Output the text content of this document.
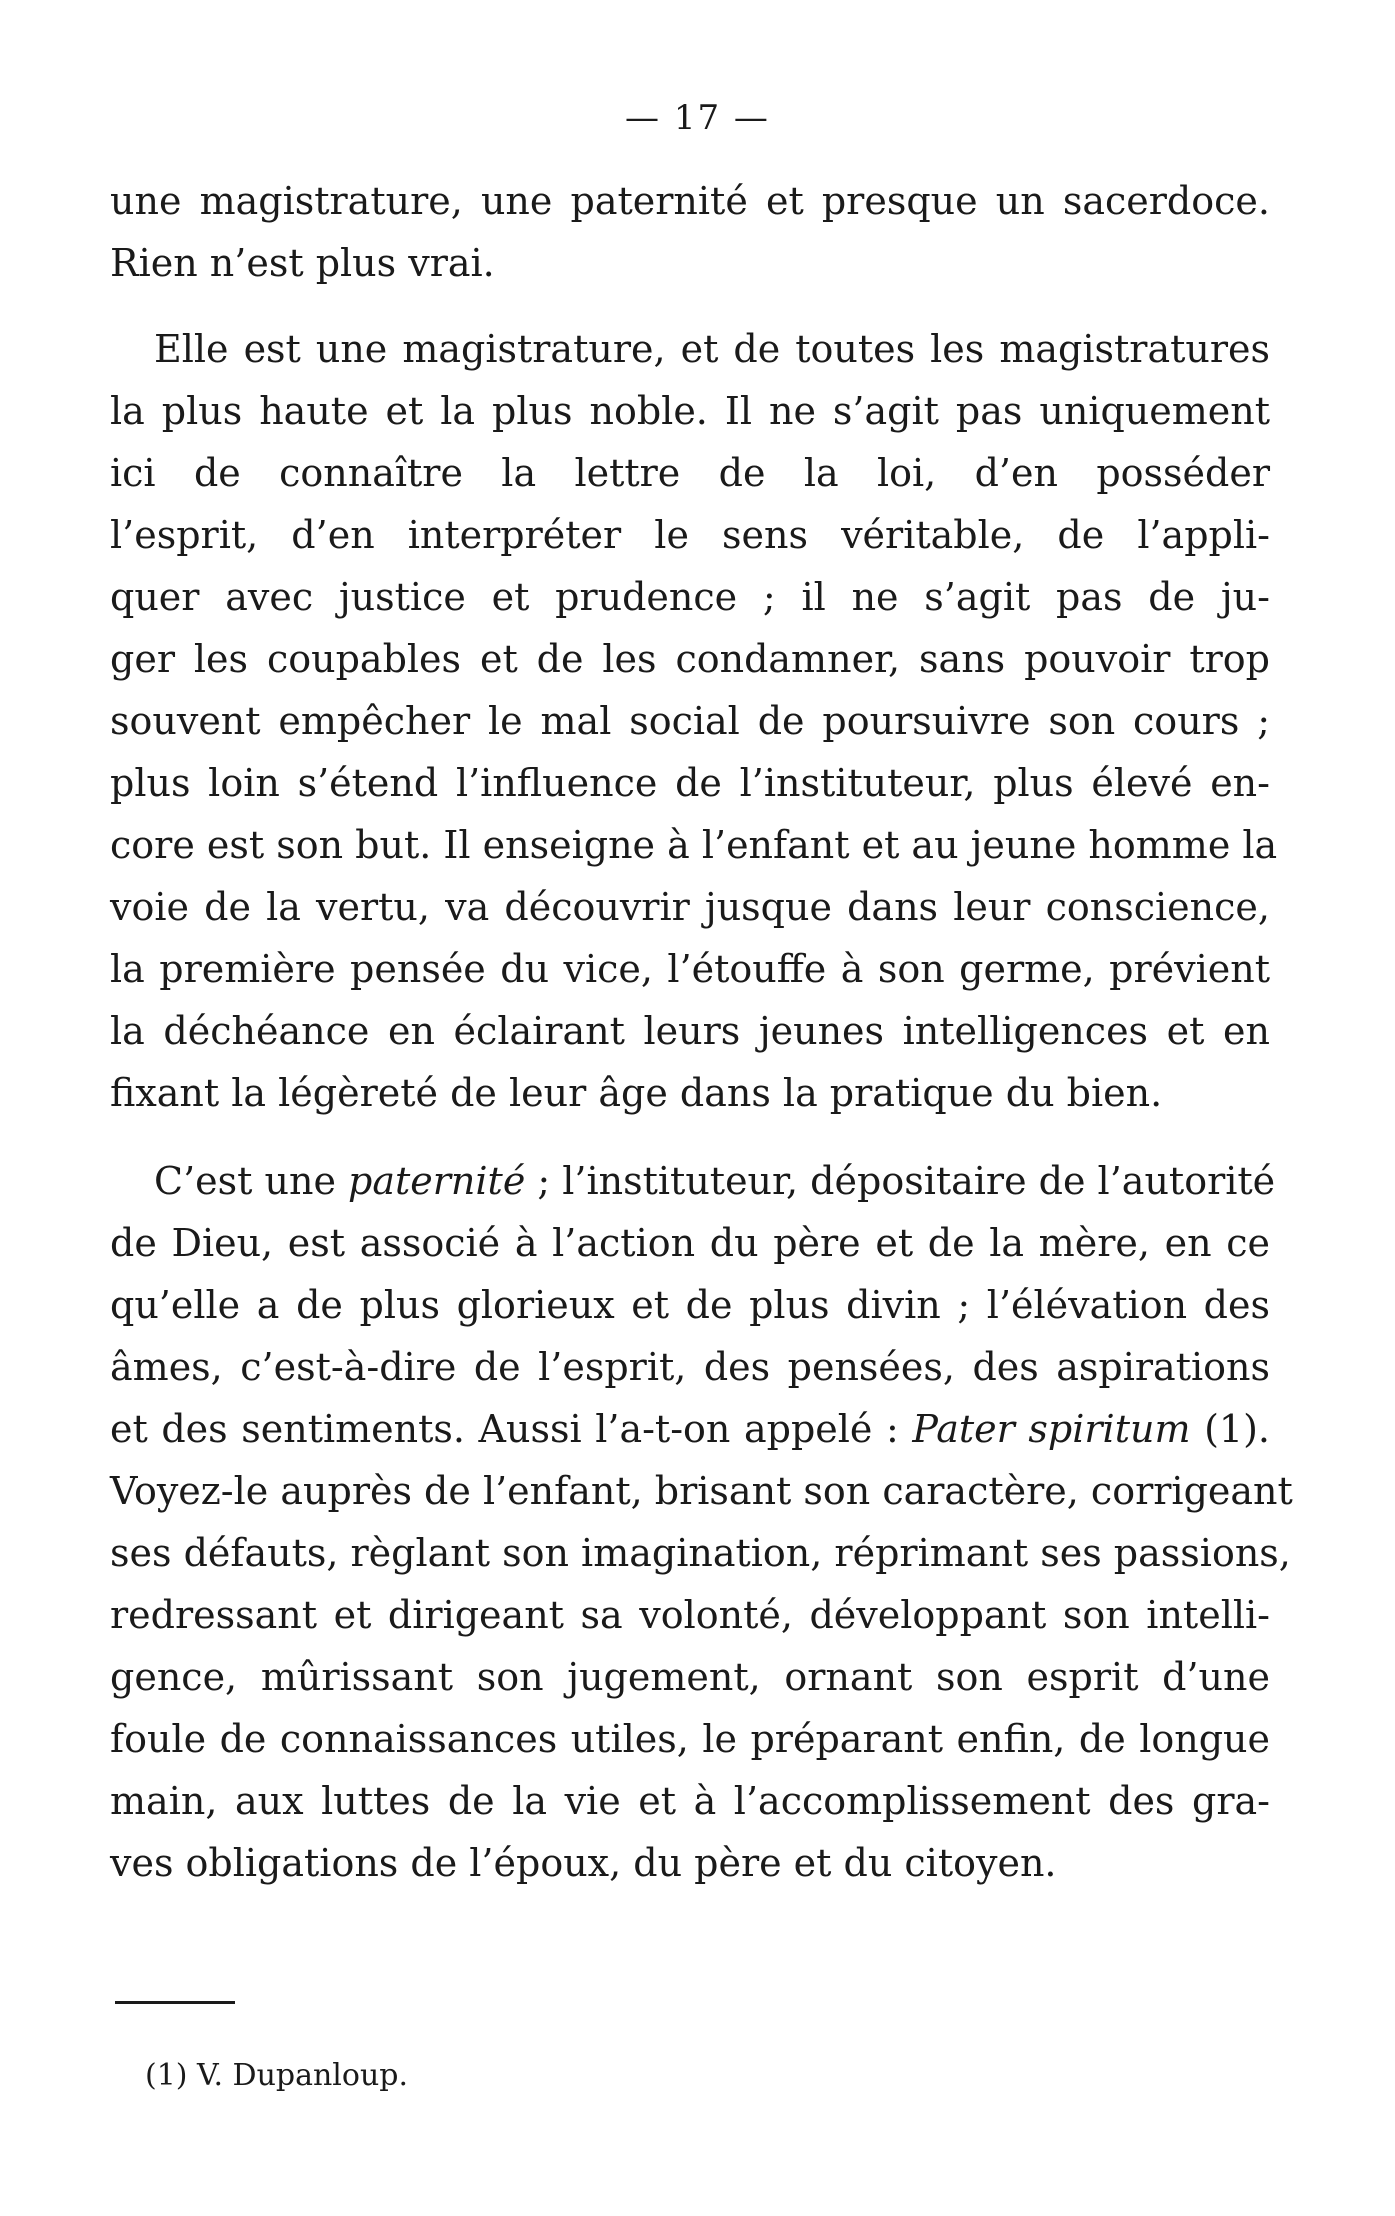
— 17 —
une magistrature, une paternité et presque un sacerdoce.
Rien n’est plus vrai.
Elle est une magistrature, et de toutes les magistratures
la plus haute et la plus noble. Il ne s’agit pas uniquement
ici de connaître la lettre de la loi, d’en posséder
l’esprit, d’en interpréter le sens véritable, de l’appli-
quer avec justice et prudence ; il ne s’agit pas de ju-
ger les coupables et de les condamner, sans pouvoir trop
souvent empêcher le mal social de poursuivre son cours ;
plus loin s’étend l’influence de l’instituteur, plus élevé en-
core est son but. Il enseigne à l’enfant et au jeune homme la
voie de la vertu, va découvrir jusque dans leur conscience,
la première pensée du vice, l’étouffe à son germe, prévient
la déchéance en éclairant leurs jeunes intelligences et en
fixant la légèreté de leur âge dans la pratique du bien.
C’est une paternité ; l’instituteur, dépositaire de l’autorité
de Dieu, est associé à l’action du père et de la mère, en ce
qu’elle a de plus glorieux et de plus divin ; l’élévation des
âmes, c’est-à-dire de l’esprit, des pensées, des aspirations
et des sentiments. Aussi l’a-t-on appelé : Pater spiritum (1).
Voyez-le auprès de l’enfant, brisant son caractère, corrigeant
ses défauts, règlant son imagination, réprimant ses passions,
redressant et dirigeant sa volonté, développant son intelli-
gence, mûrissant son jugement, ornant son esprit d’une
foule de connaissances utiles, le préparant enfin, de longue
main, aux luttes de la vie et à l’accomplissement des gra-
ves obligations de l’époux, du père et du citoyen.
(1) V. Dupanloup.
